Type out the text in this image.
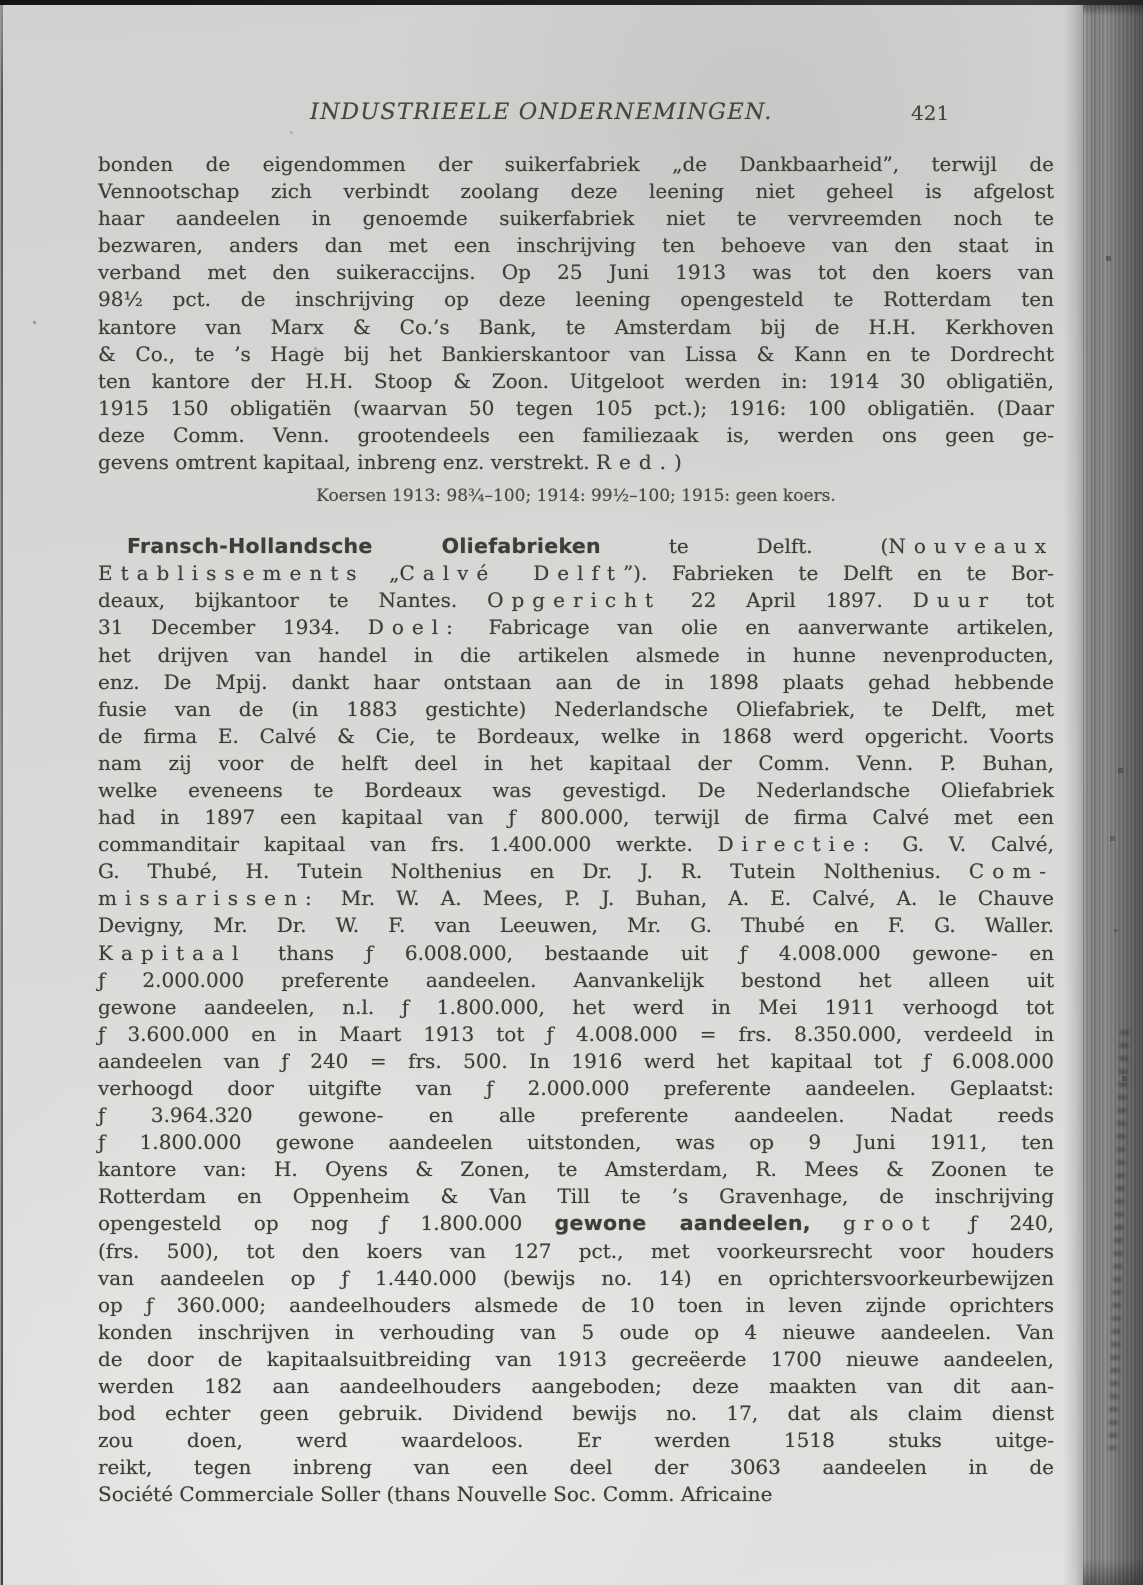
INDUSTRIEELE ONDERNEMINGEN.	421
bonden de eigendommen der suikerfabriek „de Dankbaarheid”, terwijl de
Vennootschap zich verbindt zoolang deze leening niet geheel is afgelost
haar aandeelen in genoemde suikerfabriek niet te vervreemden noch te
bezwaren, anders dan met een inschrijving ten behoeve van den staat in
verband met den suikeraccijns. Op 25 Juni 1913 was tot den koers van
98½ pct. de inschrijving op deze leening opengesteld te Rotterdam ten
kantore van Marx & Co.’s Bank, te Amsterdam bij de H.H. Kerkhoven
& Co., te ’s Hage bij het Bankierskantoor van Lissa & Kann en te Dordrecht
ten kantore der H.H. Stoop & Zoon. Uitgeloot werden in: 1914 30 obligatiën,
1915 150 obligatiën (waarvan 50 tegen 105 pct.); 1916: 100 obligatiën. (Daar
deze Comm. Venn. grootendeels een familiezaak is, werden ons geen ge-
gevens omtrent kapitaal, inbreng enz. verstrekt. Red.)
Koersen 1913: 98¾–100; 1914: 99½–100; 1915: geen koers.
Fransch-Hollandsche Oliefabrieken te Delft. (Nouveaux
Etablissements „Calvé Delft”). Fabrieken te Delft en te Bor-
deaux, bijkantoor te Nantes. Opgericht 22 April 1897. Duur tot
31 December 1934. Doel: Fabricage van olie en aanverwante artikelen,
het drijven van handel in die artikelen alsmede in hunne nevenproducten,
enz. De Mpij. dankt haar ontstaan aan de in 1898 plaats gehad hebbende
fusie van de (in 1883 gestichte) Nederlandsche Oliefabriek, te Delft, met
de firma E. Calvé & Cie, te Bordeaux, welke in 1868 werd opgericht. Voorts
nam zij voor de helft deel in het kapitaal der Comm. Venn. P. Buhan,
welke eveneens te Bordeaux was gevestigd. De Nederlandsche Oliefabriek
had in 1897 een kapitaal van ƒ 800.000, terwijl de firma Calvé met een
commanditair kapitaal van frs. 1.400.000 werkte. Directie: G. V. Calvé,
G. Thubé, H. Tutein Nolthenius en Dr. J. R. Tutein Nolthenius. Com-
missarissen: Mr. W. A. Mees, P. J. Buhan, A. E. Calvé, A. le Chauve
Devigny, Mr. Dr. W. F. van Leeuwen, Mr. G. Thubé en F. G. Waller.
Kapitaal thans ƒ 6.008.000, bestaande uit ƒ 4.008.000 gewone- en
ƒ 2.000.000 preferente aandeelen. Aanvankelijk bestond het alleen uit
gewone aandeelen, n.l. ƒ 1.800.000, het werd in Mei 1911 verhoogd tot
ƒ 3.600.000 en in Maart 1913 tot ƒ 4.008.000 = frs. 8.350.000, verdeeld in
aandeelen van ƒ 240 = frs. 500. In 1916 werd het kapitaal tot ƒ 6.008.000
verhoogd door uitgifte van ƒ 2.000.000 preferente aandeelen. Geplaatst:
ƒ 3.964.320 gewone- en alle preferente aandeelen. Nadat reeds
ƒ 1.800.000 gewone aandeelen uitstonden, was op 9 Juni 1911, ten
kantore van: H. Oyens & Zonen, te Amsterdam, R. Mees & Zoonen te
Rotterdam en Oppenheim & Van Till te ’s Gravenhage, de inschrijving
opengesteld op nog ƒ 1.800.000 gewone aandeelen, groot ƒ 240,
(frs. 500), tot den koers van 127 pct., met voorkeursrecht voor houders
van aandeelen op ƒ 1.440.000 (bewijs no. 14) en oprichtersvoorkeurbewijzen
op ƒ 360.000; aandeelhouders alsmede de 10 toen in leven zijnde oprichters
konden inschrijven in verhouding van 5 oude op 4 nieuwe aandeelen. Van
de door de kapitaalsuitbreiding van 1913 gecreëerde 1700 nieuwe aandeelen,
werden 182 aan aandeelhouders aangeboden; deze maakten van dit aan-
bod echter geen gebruik. Dividend bewijs no. 17, dat als claim dienst
zou doen, werd waardeloos. Er werden 1518 stuks uitge-
reikt, tegen inbreng van een deel der 3063 aandeelen in de
Société Commerciale Soller (thans Nouvelle Soc. Comm. Africaine
